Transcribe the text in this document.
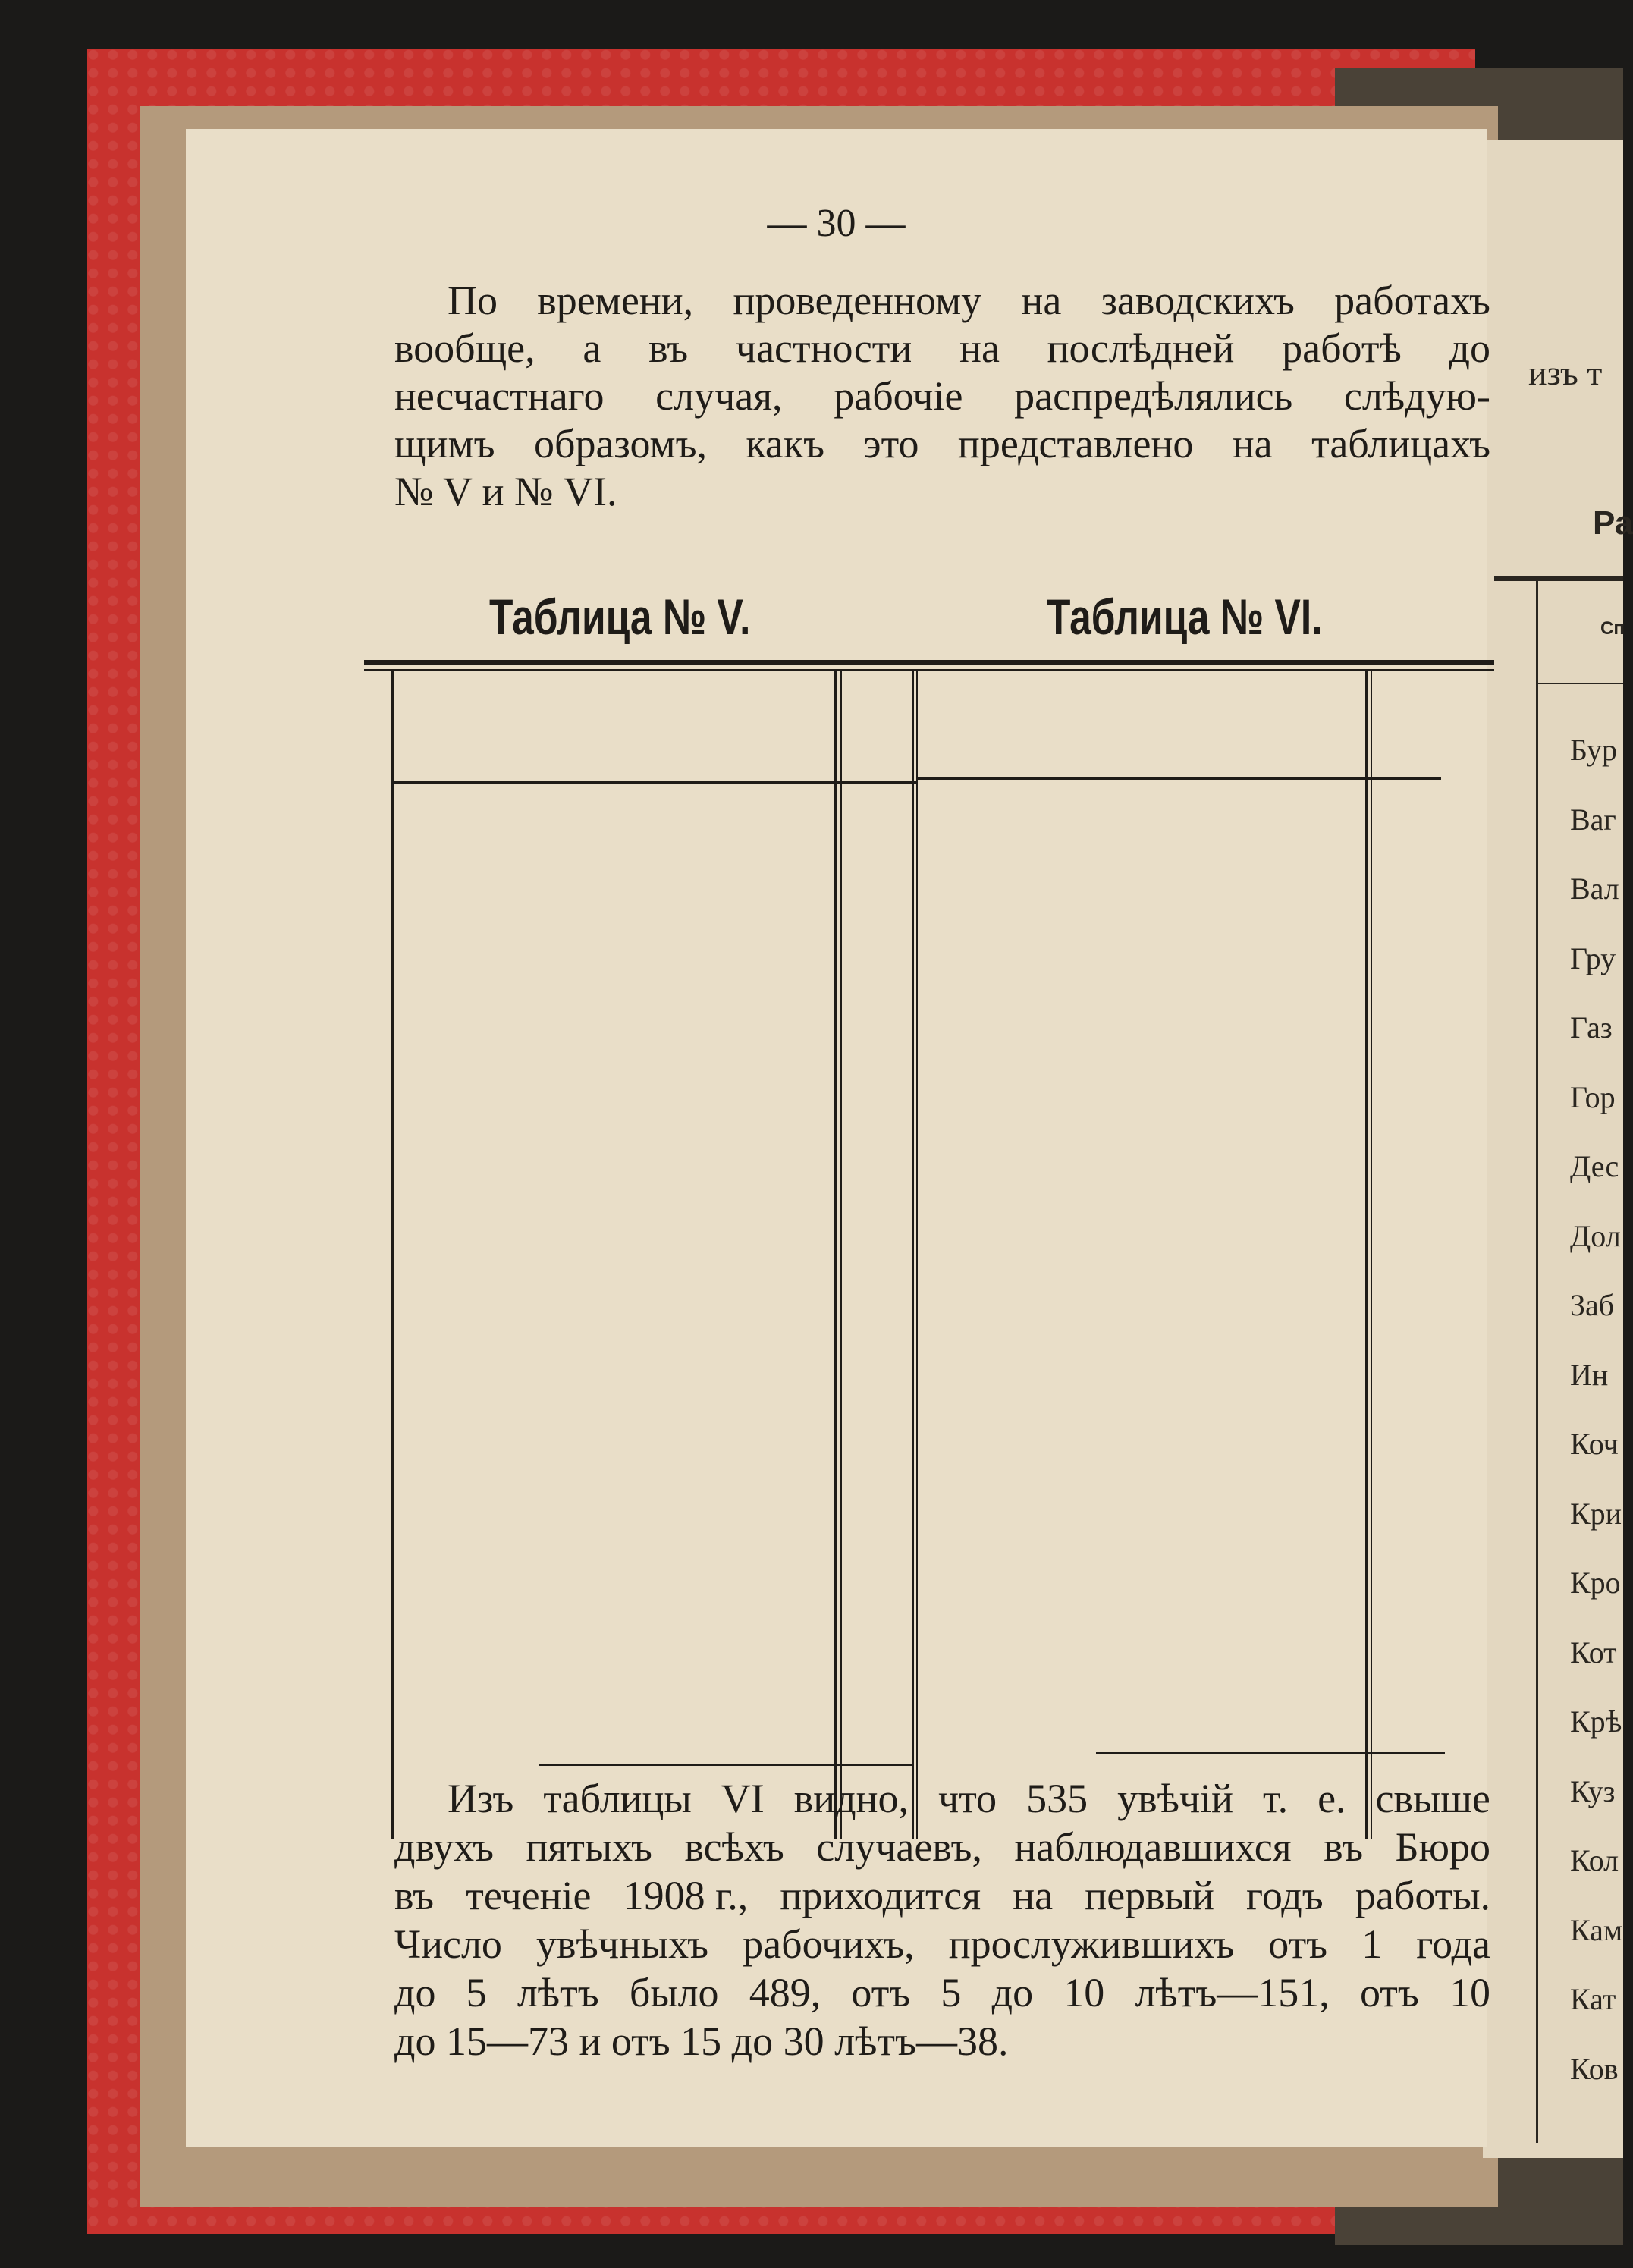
изъ т
Ра
Сп
Бур
Ваг
Вал
Гру
Газ
Гор
Дес
Дол
Заб
Ин
Коч
Кри
Кро
Кот
Крѣ
Куз
Кол
Кам
Кат
Ков
— 30 —
По времени, проведенному на заводскихъ работахъ
вообще, а въ частности на послѣдней работѣ до
несчастнаго случая, рабочіе распредѣлялись слѣдую-
щимъ образомъ, какъ это представлено на таблицахъ
№ V и № VI.
Таблица № V.	Таблица № VI.
Изъ таблицы VI видно, что 535 увѣчій т. е. свыше
двухъ пятыхъ всѣхъ случаевъ, наблюдавшихся въ Бюро
въ теченіе 1908 г., приходится на первый годъ работы.
Число увѣчныхъ рабочихъ, прослужившихъ отъ 1 года
до 5 лѣтъ было 489, отъ 5 до 10 лѣтъ—151, отъ 10
до 15—73 и отъ 15 до 30 лѣтъ—38.
